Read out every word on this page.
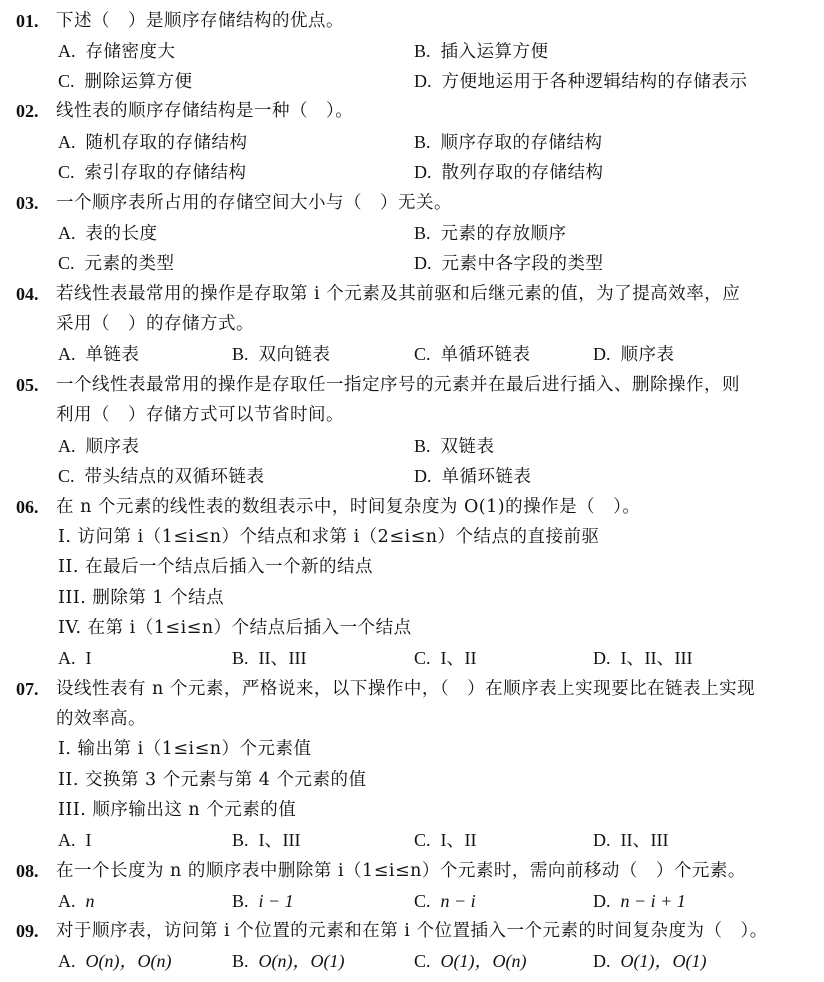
01. 下述（　）是顺序存储结构的优点。
A. 存储密度大	B. 插入运算方便
C. 删除运算方便	D. 方便地运用于各种逻辑结构的存储表示
02. 线性表的顺序存储结构是一种（　）。
A. 随机存取的存储结构	B. 顺序存取的存储结构
C. 索引存取的存储结构	D. 散列存取的存储结构
03. 一个顺序表所占用的存储空间大小与（　）无关。
A. 表的长度	B. 元素的存放顺序
C. 元素的类型	D. 元素中各字段的类型
04. 若线性表最常用的操作是存取第 i 个元素及其前驱和后继元素的值，为了提高效率，应
采用（　）的存储方式。
A. 单链表	B. 双向链表	C. 单循环链表	D. 顺序表
05. 一个线性表最常用的操作是存取任一指定序号的元素并在最后进行插入、删除操作，则
利用（　）存储方式可以节省时间。
A. 顺序表	B. 双链表
C. 带头结点的双循环链表	D. 单循环链表
06. 在 n 个元素的线性表的数组表示中，时间复杂度为 O(1)的操作是（　）。
I. 访问第 i（1≤i≤n）个结点和求第 i（2≤i≤n）个结点的直接前驱
II. 在最后一个结点后插入一个新的结点
III. 删除第 1 个结点
IV. 在第 i（1≤i≤n）个结点后插入一个结点
A. I	B. II、III	C. I、II	D. I、II、III
07. 设线性表有 n 个元素，严格说来，以下操作中，（　）在顺序表上实现要比在链表上实现
的效率高。
I. 输出第 i（1≤i≤n）个元素值
II. 交换第 3 个元素与第 4 个元素的值
III. 顺序输出这 n 个元素的值
A. I	B. I、III	C. I、II	D. II、III
08. 在一个长度为 n 的顺序表中删除第 i（1≤i≤n）个元素时，需向前移动（　）个元素。
A. n	B. i − 1	C. n − i	D. n − i + 1
09. 对于顺序表，访问第 i 个位置的元素和在第 i 个位置插入一个元素的时间复杂度为（　）。
A. O(n)，O(n)	B. O(n)，O(1)	C. O(1)，O(n)	D. O(1)，O(1)
